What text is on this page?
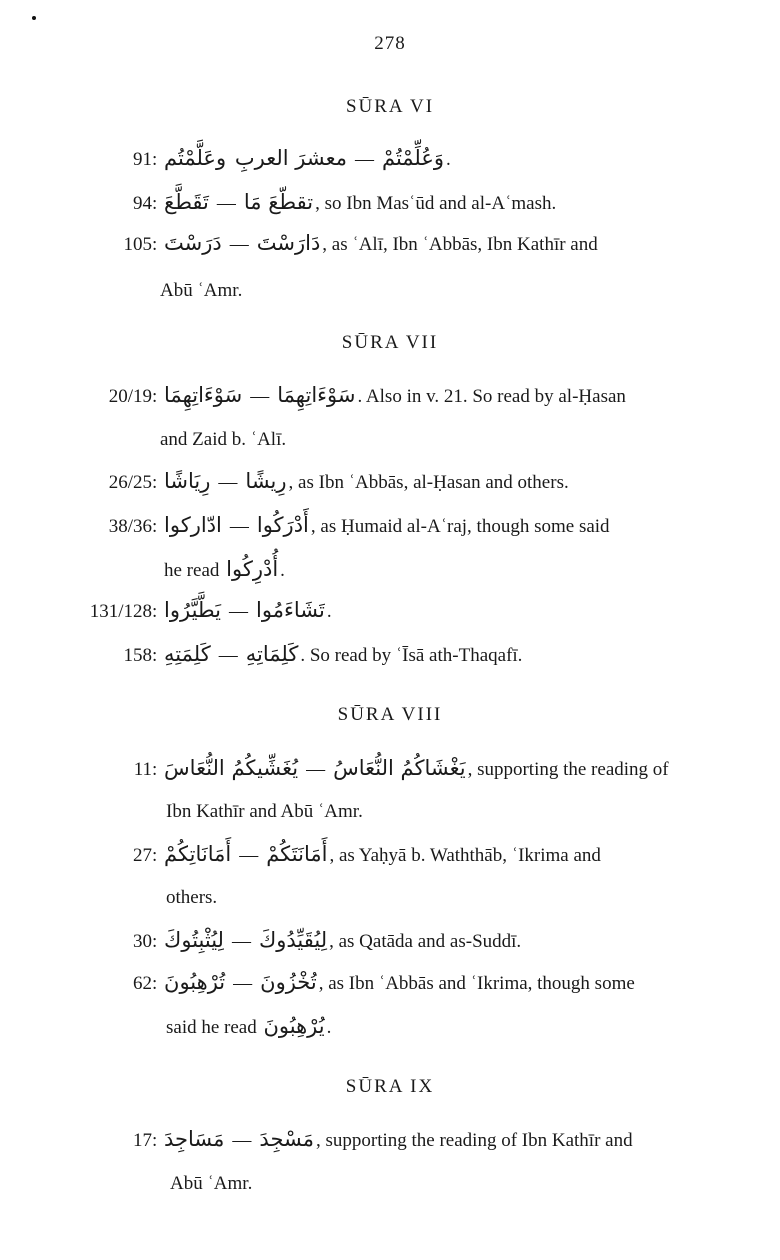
278
SŪRA VI
91: وعَلَّمْتُم معشرَ العربِ — وَعُلِّمْتُمْ .
94: تَقَطَّعَ — تقطّعَ مَا , so Ibn Masʿūd and al-Aʿmash.
105: دَرَسْتَ — دَارَسْتَ , as ʿAlī, Ibn ʿAbbās, Ibn Kathīr and
Abū ʿAmr.
SŪRA VII
20/19: سَوْءَاتِهِمَا — سَوْءَاتِهِمَا . Also in v. 21. So read by al-Ḥasan
and Zaid b. ʿAlī.
26/25: رِيَاشًا — رِيشًا , as Ibn ʿAbbās, al-Ḥasan and others.
38/36: ادّاركوا — أَدْرَكُوا , as Ḥumaid al-Aʿraj, though some said
he read أُدْرِكُوا .
131/128: يَطَّيَّرُوا — تَشَاءَمُوا .
158: كَلِمَتِهِ — كَلِمَاتِهِ . So read by ʿĪsā ath-Thaqafī.
SŪRA VIII
11: يُغَشِّيكُمُ النُّعَاسَ — يَغْشَاكُمُ النُّعَاسُ , supporting the reading of
Ibn Kathīr and Abū ʿAmr.
27: أَمَانَاتِكُمْ — أَمَانَتَكُمْ , as Yaḥyā b. Waththāb, ʿIkrima and
others.
30: لِيُثْبِتُوكَ — لِيُقَيِّدُوكَ , as Qatāda and as-Suddī.
62: تُرْهِبُونَ — تُخْزُونَ , as Ibn ʿAbbās and ʿIkrima, though some
said he read يُرْهِبُونَ .
SŪRA IX
17: مَسَاجِدَ — مَسْجِدَ , supporting the reading of Ibn Kathīr and
Abū ʿAmr.
